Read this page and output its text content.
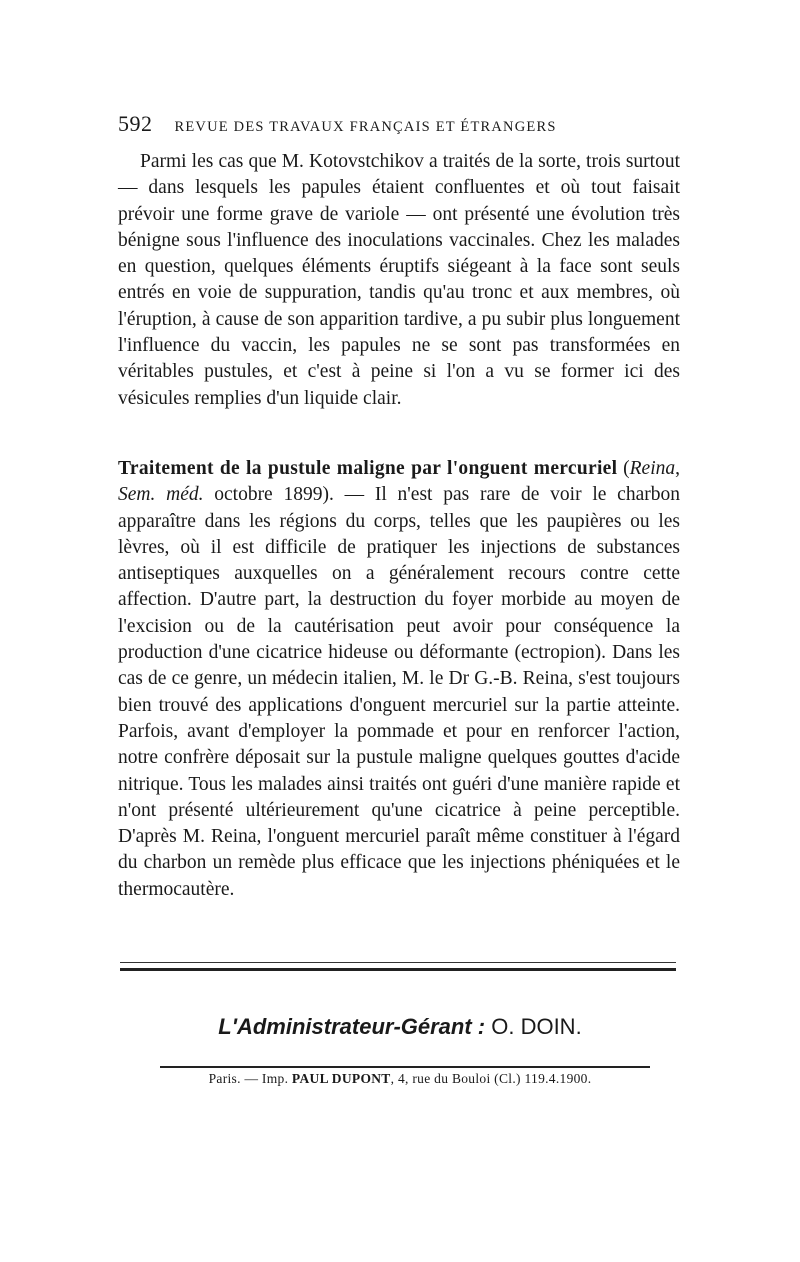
592 REVUE DES TRAVAUX FRANÇAIS ET ÉTRANGERS

Parmi les cas que M. Kotovstchikov a traités de la sorte, trois surtout — dans lesquels les papules étaient confluentes et où tout faisait prévoir une forme grave de variole — ont présenté une évolution très bénigne sous l'influence des inoculations vaccinales. Chez les malades en question, quelques éléments éruptifs siégeant à la face sont seuls entrés en voie de suppuration, tandis qu'au tronc et aux membres, où l'éruption, à cause de son apparition tardive, a pu subir plus longuement l'influence du vaccin, les papules ne se sont pas transformées en véritables pustules, et c'est à peine si l'on a vu se former ici des vésicules remplies d'un liquide clair.

Traitement de la pustule maligne par l'onguent mercuriel (Reina, Sem. méd. octobre 1899). — Il n'est pas rare de voir le charbon apparaître dans les régions du corps, telles que les paupières ou les lèvres, où il est difficile de pratiquer les injections de substances antiseptiques auxquelles on a généralement recours contre cette affection. D'autre part, la destruction du foyer morbide au moyen de l'excision ou de la cautérisation peut avoir pour conséquence la production d'une cicatrice hideuse ou déformante (ectropion). Dans les cas de ce genre, un médecin italien, M. le Dr G.-B. Reina, s'est toujours bien trouvé des applications d'onguent mercuriel sur la partie atteinte. Parfois, avant d'employer la pommade et pour en renforcer l'action, notre confrère déposait sur la pustule maligne quelques gouttes d'acide nitrique. Tous les malades ainsi traités ont guéri d'une manière rapide et n'ont présenté ultérieurement qu'une cicatrice à peine perceptible. D'après M. Reina, l'onguent mercuriel paraît même constituer à l'égard du charbon un remède plus efficace que les injections phéniquées et le thermocautère.

L'Administrateur-Gérant : O. DOIN.
Paris. — Imp. PAUL DUPONT, 4, rue du Bouloi (Cl.) 119.4.1900.
